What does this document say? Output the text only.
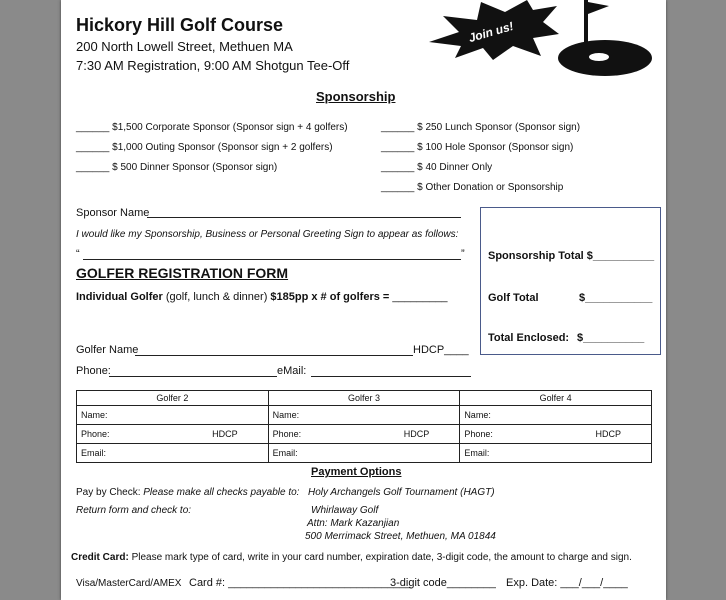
Hickory Hill Golf Course
200 North Lowell Street, Methuen MA
7:30 AM Registration, 9:00 AM Shotgun Tee-Off
Join us!
Sponsorship
______ $1,500 Corporate Sponsor (Sponsor sign + 4 golfers)
______ $1,000 Outing Sponsor (Sponsor sign + 2 golfers)
______ $ 500 Dinner Sponsor (Sponsor sign)
______ $ 250 Lunch Sponsor (Sponsor sign)
______ $ 100 Hole Sponsor (Sponsor sign)
______ $ 40 Dinner Only
______ $ Other Donation or Sponsorship
Sponsor Name
I would like my Sponsorship, Business or Personal Greeting Sign to appear as follows:
“	” Sponsorship Total $__________
Golf Total	$___________
Total Enclosed: $__________
GOLFER REGISTRATION FORM
Individual Golfer (golf, lunch & dinner) $185pp x # of golfers = _________
Golfer Name	HDCP____
Phone:	eMail:
Golfer 2	Golfer 3	Golfer 4
Name:	Name:	Name:
Phone: HDCP	Phone: HDCP	Phone: HDCP

Email:	Email:	Email:
Payment Options
Pay by Check: Please make all checks payable to: Holy Archangels Golf Tournament (HAGT)
Return form and check to:	Whirlaway Golf
Attn: Mark Kazanjian
500 Merrimack Street, Methuen, MA 01844
Credit Card: Please mark type of card, write in your card number, expiration date, 3-digit code, the amount to charge and sign.
Visa/MasterCard/AMEX Card #: ______________________________
3-digit code________ Exp. Date: ___/___/____
